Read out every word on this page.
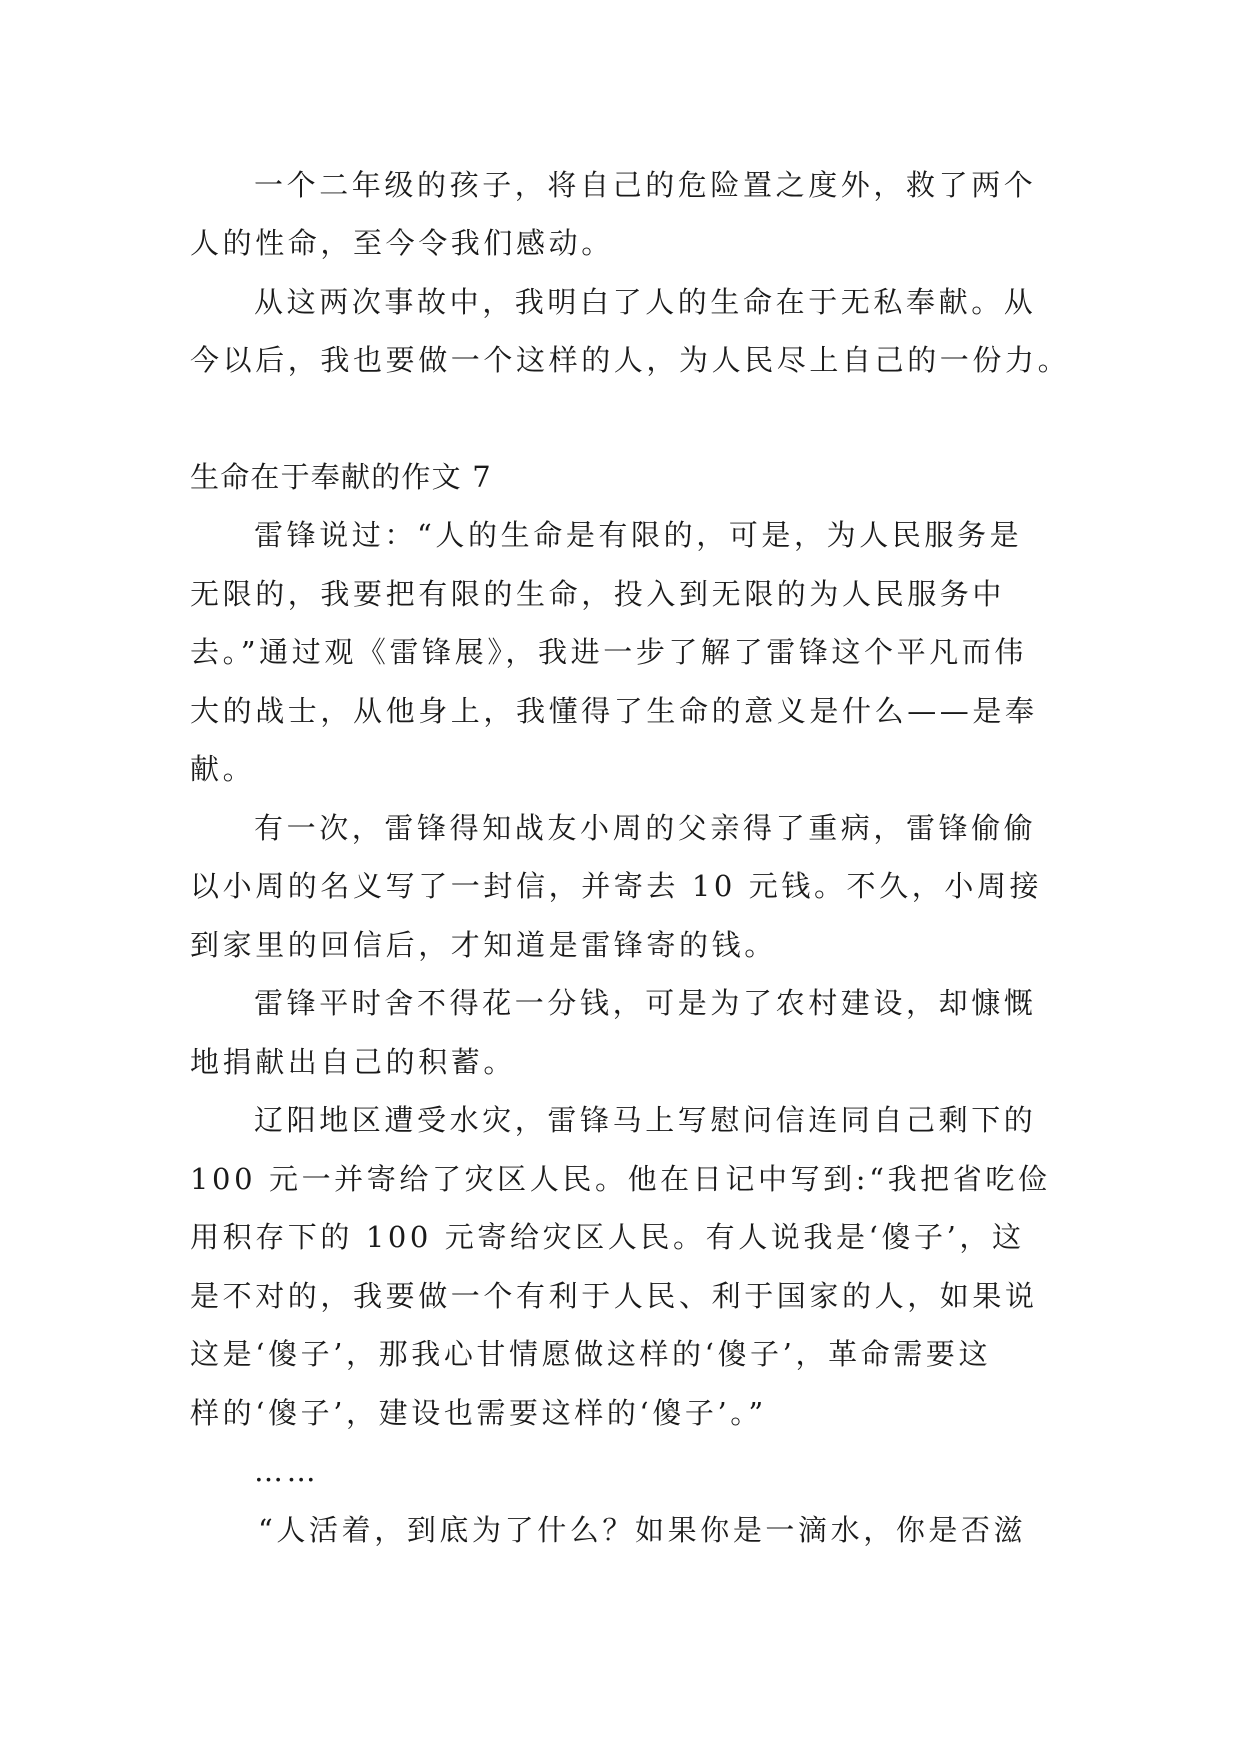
一个二年级的孩子，将自己的危险置之度外，救了两个
人的性命，至今令我们感动。
从这两次事故中，我明白了人的生命在于无私奉献。从
今以后，我也要做一个这样的人，为人民尽上自己的一份力。
生命在于奉献的作文 7
雷锋说过：“人的生命是有限的，可是，为人民服务是
无限的，我要把有限的生命，投入到无限的为人民服务中
去。”通过观《雷锋展》，我进一步了解了雷锋这个平凡而伟
大的战士，从他身上，我懂得了生命的意义是什么——是奉
献。
有一次，雷锋得知战友小周的父亲得了重病，雷锋偷偷
以小周的名义写了一封信，并寄去 10 元钱。不久，小周接
到家里的回信后，才知道是雷锋寄的钱。
雷锋平时舍不得花一分钱，可是为了农村建设，却慷慨
地捐献出自己的积蓄。
辽阳地区遭受水灾，雷锋马上写慰问信连同自己剩下的
100 元一并寄给了灾区人民。他在日记中写到:“我把省吃俭
用积存下的 100 元寄给灾区人民。有人说我是‘傻子’，这
是不对的，我要做一个有利于人民、利于国家的人，如果说
这是‘傻子’，那我心甘情愿做这样的‘傻子’，革命需要这
样的‘傻子’，建设也需要这样的‘傻子’。”
……
“人活着，到底为了什么？如果你是一滴水，你是否滋
